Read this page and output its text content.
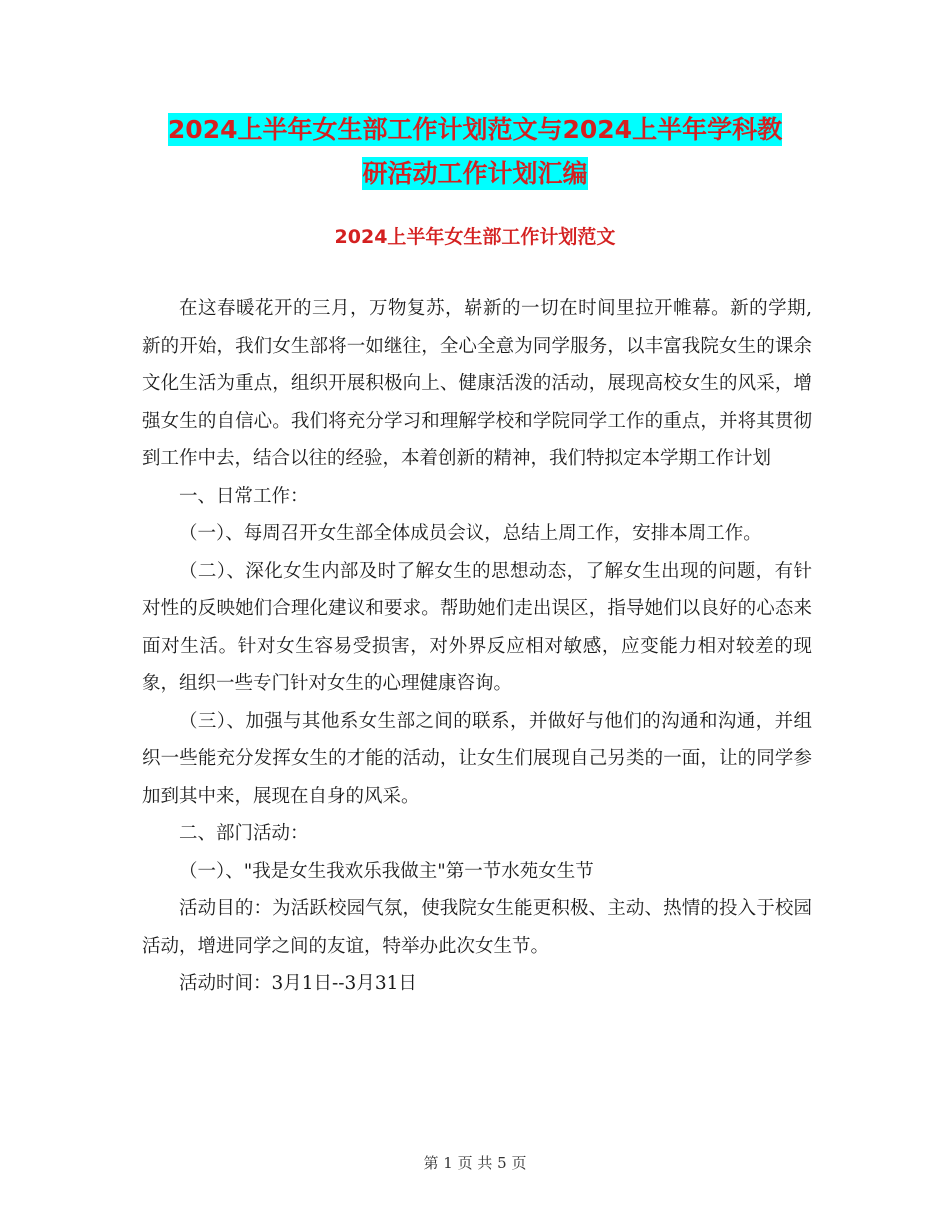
2024上半年女生部工作计划范文与2024上半年学科教
研活动工作计划汇编
2024上半年女生部工作计划范文

在这春暖花开的三月，万物复苏，崭新的一切在时间里拉开帷幕。新的学期,新的开始，我们女生部将一如继往，全心全意为同学服务，以丰富我院女生的课余文化生活为重点，组织开展积极向上、健康活泼的活动，展现高校女生的风采，增强女生的自信心。我们将充分学习和理解学校和学院同学工作的重点，并将其贯彻到工作中去，结合以往的经验，本着创新的精神，我们特拟定本学期工作计划

一、日常工作：

（一）、每周召开女生部全体成员会议，总结上周工作，安排本周工作。

（二）、深化女生内部及时了解女生的思想动态，了解女生出现的问题，有针对性的反映她们合理化建议和要求。帮助她们走出误区，指导她们以良好的心态来面对生活。针对女生容易受损害，对外界反应相对敏感，应变能力相对较差的现象，组织一些专门针对女生的心理健康咨询。

（三）、加强与其他系女生部之间的联系，并做好与他们的沟通和沟通，并组织一些能充分发挥女生的才能的活动，让女生们展现自己另类的一面，让的同学参加到其中来，展现在自身的风采。

二、部门活动：

（一）、"我是女生我欢乐我做主"第一节水苑女生节

活动目的：为活跃校园气氛，使我院女生能更积极、主动、热情的投入于校园活动，增进同学之间的友谊，特举办此次女生节。

活动时间：3月1日--3月31日

第 1 页 共 5 页
